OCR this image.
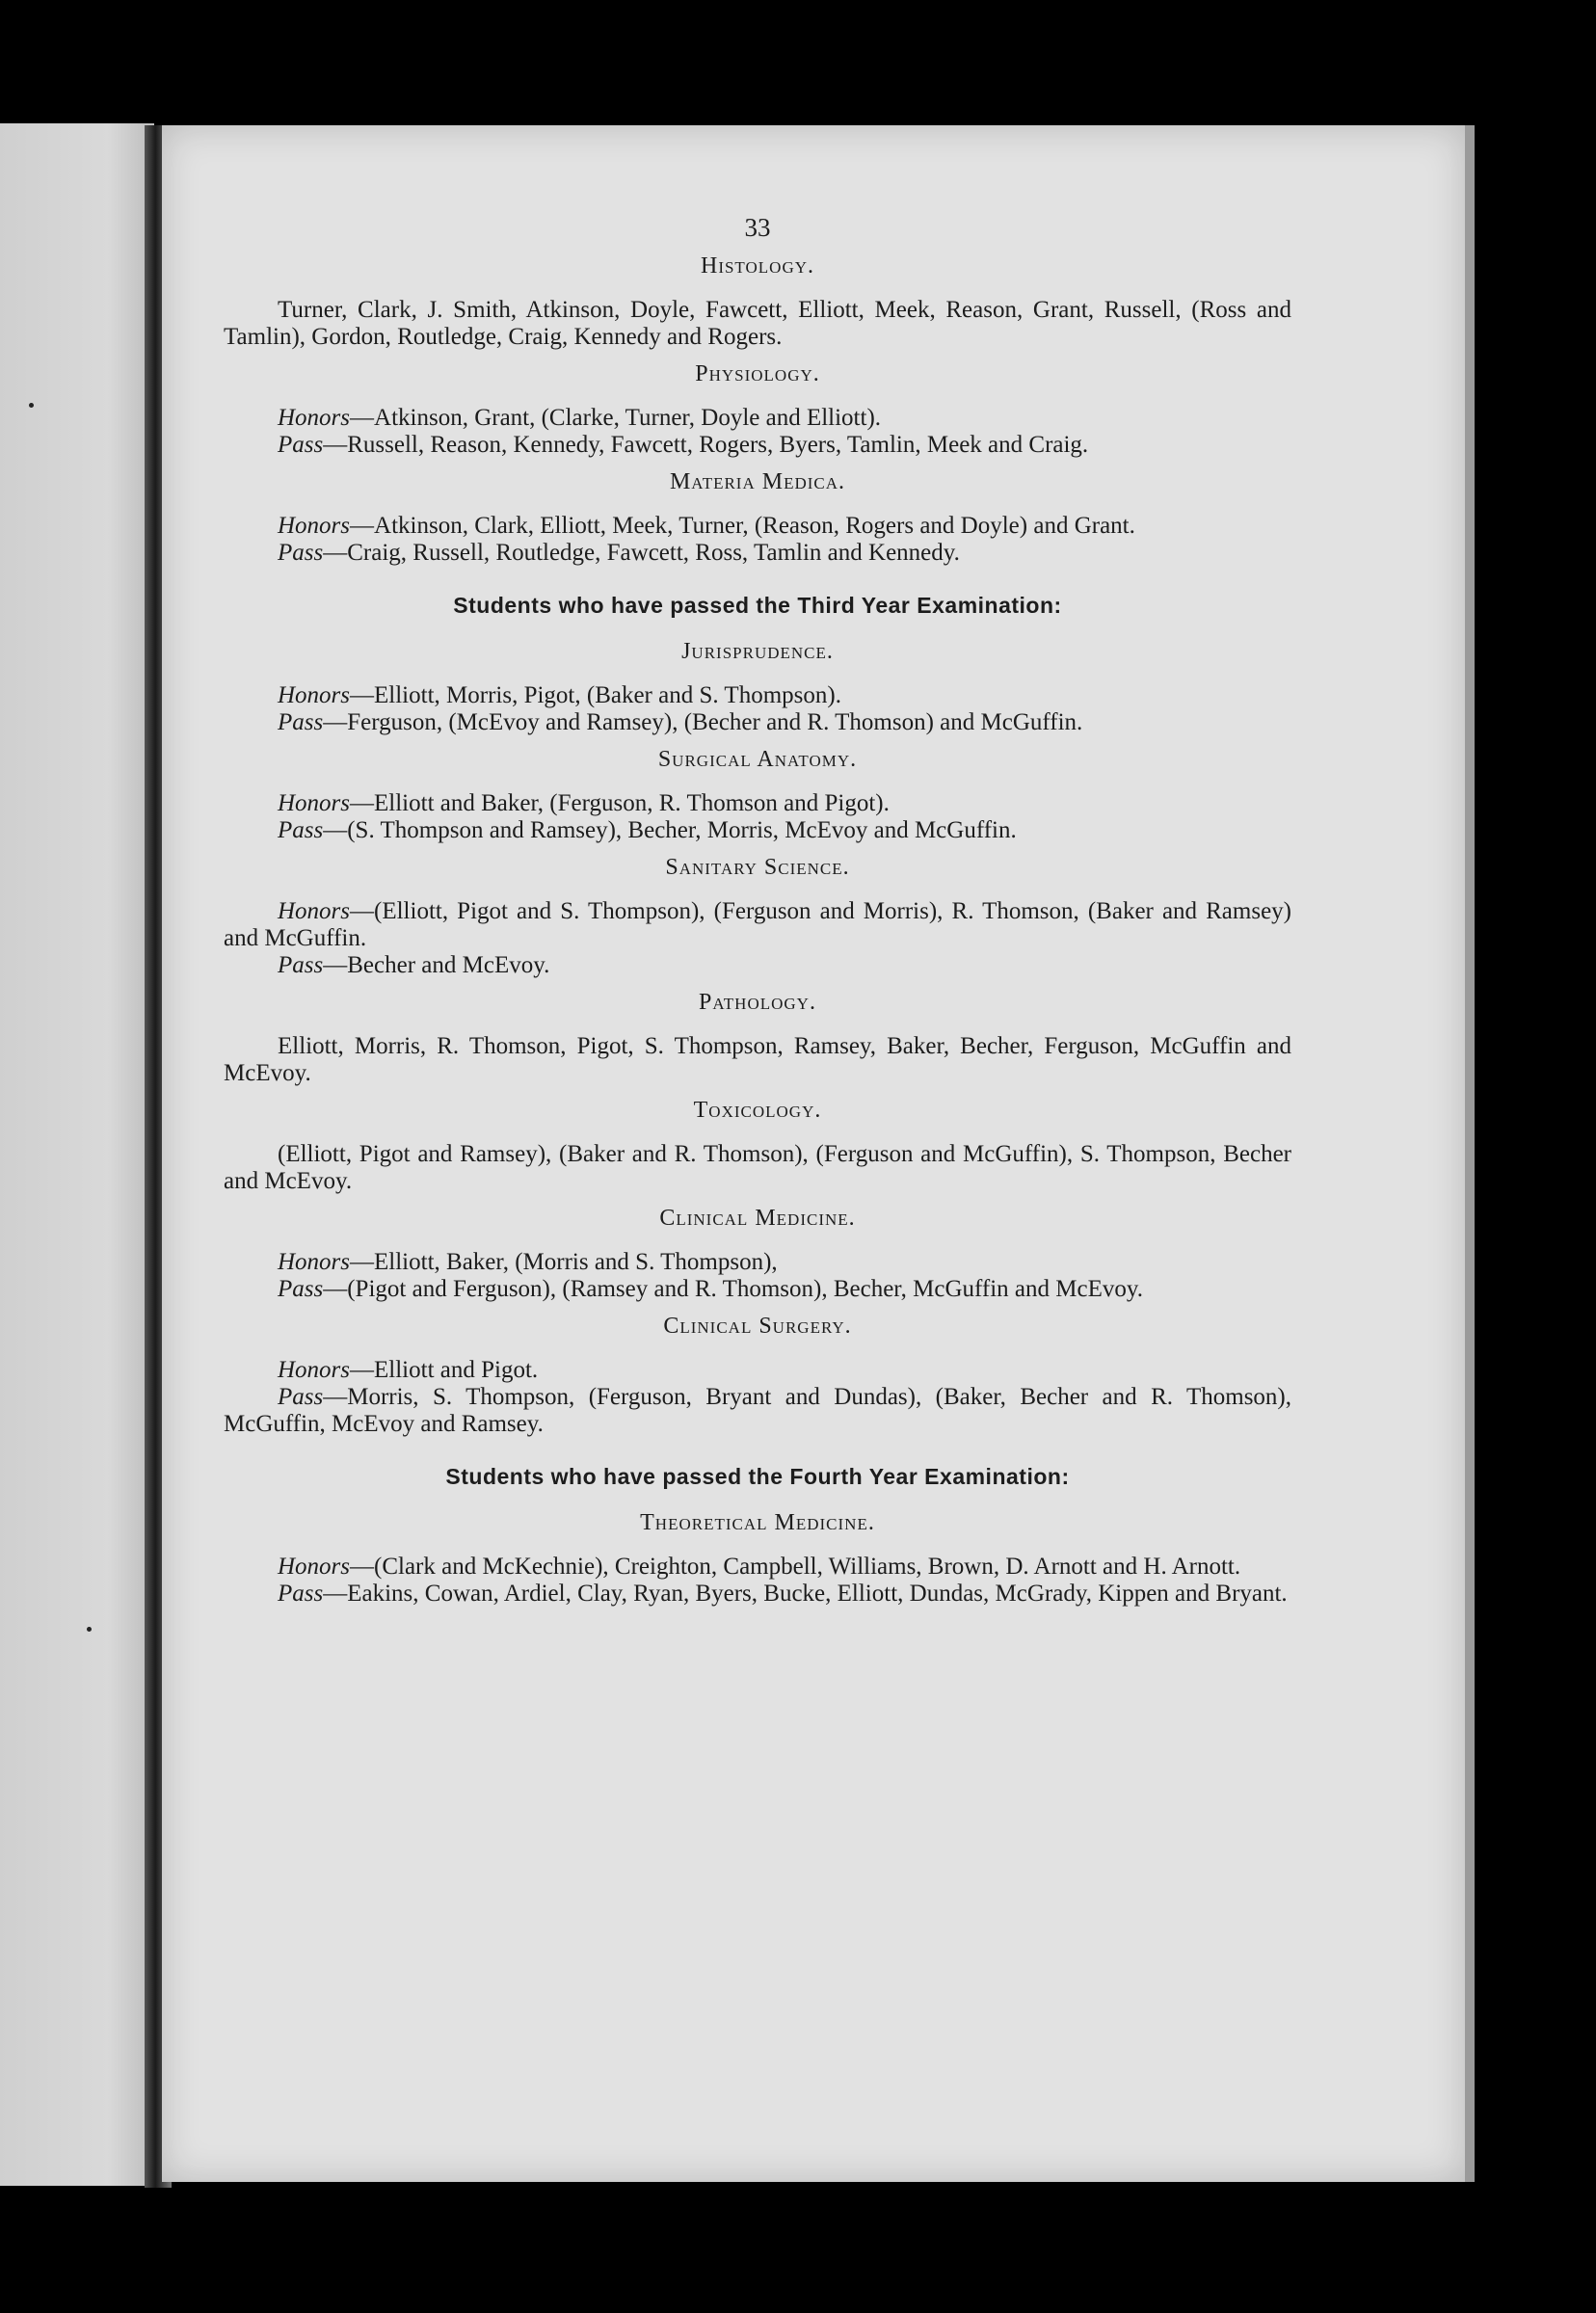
33
Histology.

Turner, Clark, J. Smith, Atkinson, Doyle, Fawcett, Elliott, Meek, Reason, Grant, Russell, (Ross and Tamlin), Gordon, Routledge, Craig, Kennedy and Rogers.

Physiology.

Honors—Atkinson, Grant, (Clarke, Turner, Doyle and Elliott).

Pass—Russell, Reason, Kennedy, Fawcett, Rogers, Byers, Tamlin, Meek and Craig.

Materia Medica.

Honors—Atkinson, Clark, Elliott, Meek, Turner, (Reason, Rogers and Doyle) and Grant.

Pass—Craig, Russell, Routledge, Fawcett, Ross, Tamlin and Kennedy.

Students who have passed the Third Year Examination:
Jurisprudence.

Honors—Elliott, Morris, Pigot, (Baker and S. Thompson).

Pass—Ferguson, (McEvoy and Ramsey), (Becher and R. Thomson) and McGuffin.

Surgical Anatomy.

Honors—Elliott and Baker, (Ferguson, R. Thomson and Pigot).

Pass—(S. Thompson and Ramsey), Becher, Morris, McEvoy and McGuffin.

Sanitary Science.

Honors—(Elliott, Pigot and S. Thompson), (Ferguson and Morris), R. Thomson, (Baker and Ramsey) and McGuffin.

Pass—Becher and McEvoy.

Pathology.

Elliott, Morris, R. Thomson, Pigot, S. Thompson, Ramsey, Baker, Becher, Ferguson, McGuffin and McEvoy.

Toxicology.

(Elliott, Pigot and Ramsey), (Baker and R. Thomson), (Ferguson and McGuffin), S. Thompson, Becher and McEvoy.

Clinical Medicine.

Honors—Elliott, Baker, (Morris and S. Thompson),

Pass—(Pigot and Ferguson), (Ramsey and R. Thomson), Becher, McGuffin and McEvoy.

Clinical Surgery.

Honors—Elliott and Pigot.

Pass—Morris, S. Thompson, (Ferguson, Bryant and Dundas), (Baker, Becher and R. Thomson), McGuffin, McEvoy and Ramsey.

Students who have passed the Fourth Year Examination:
Theoretical Medicine.

Honors—(Clark and McKechnie), Creighton, Campbell, Williams, Brown, D. Arnott and H. Arnott.

Pass—Eakins, Cowan, Ardiel, Clay, Ryan, Byers, Bucke, Elliott, Dundas, McGrady, Kippen and Bryant.
